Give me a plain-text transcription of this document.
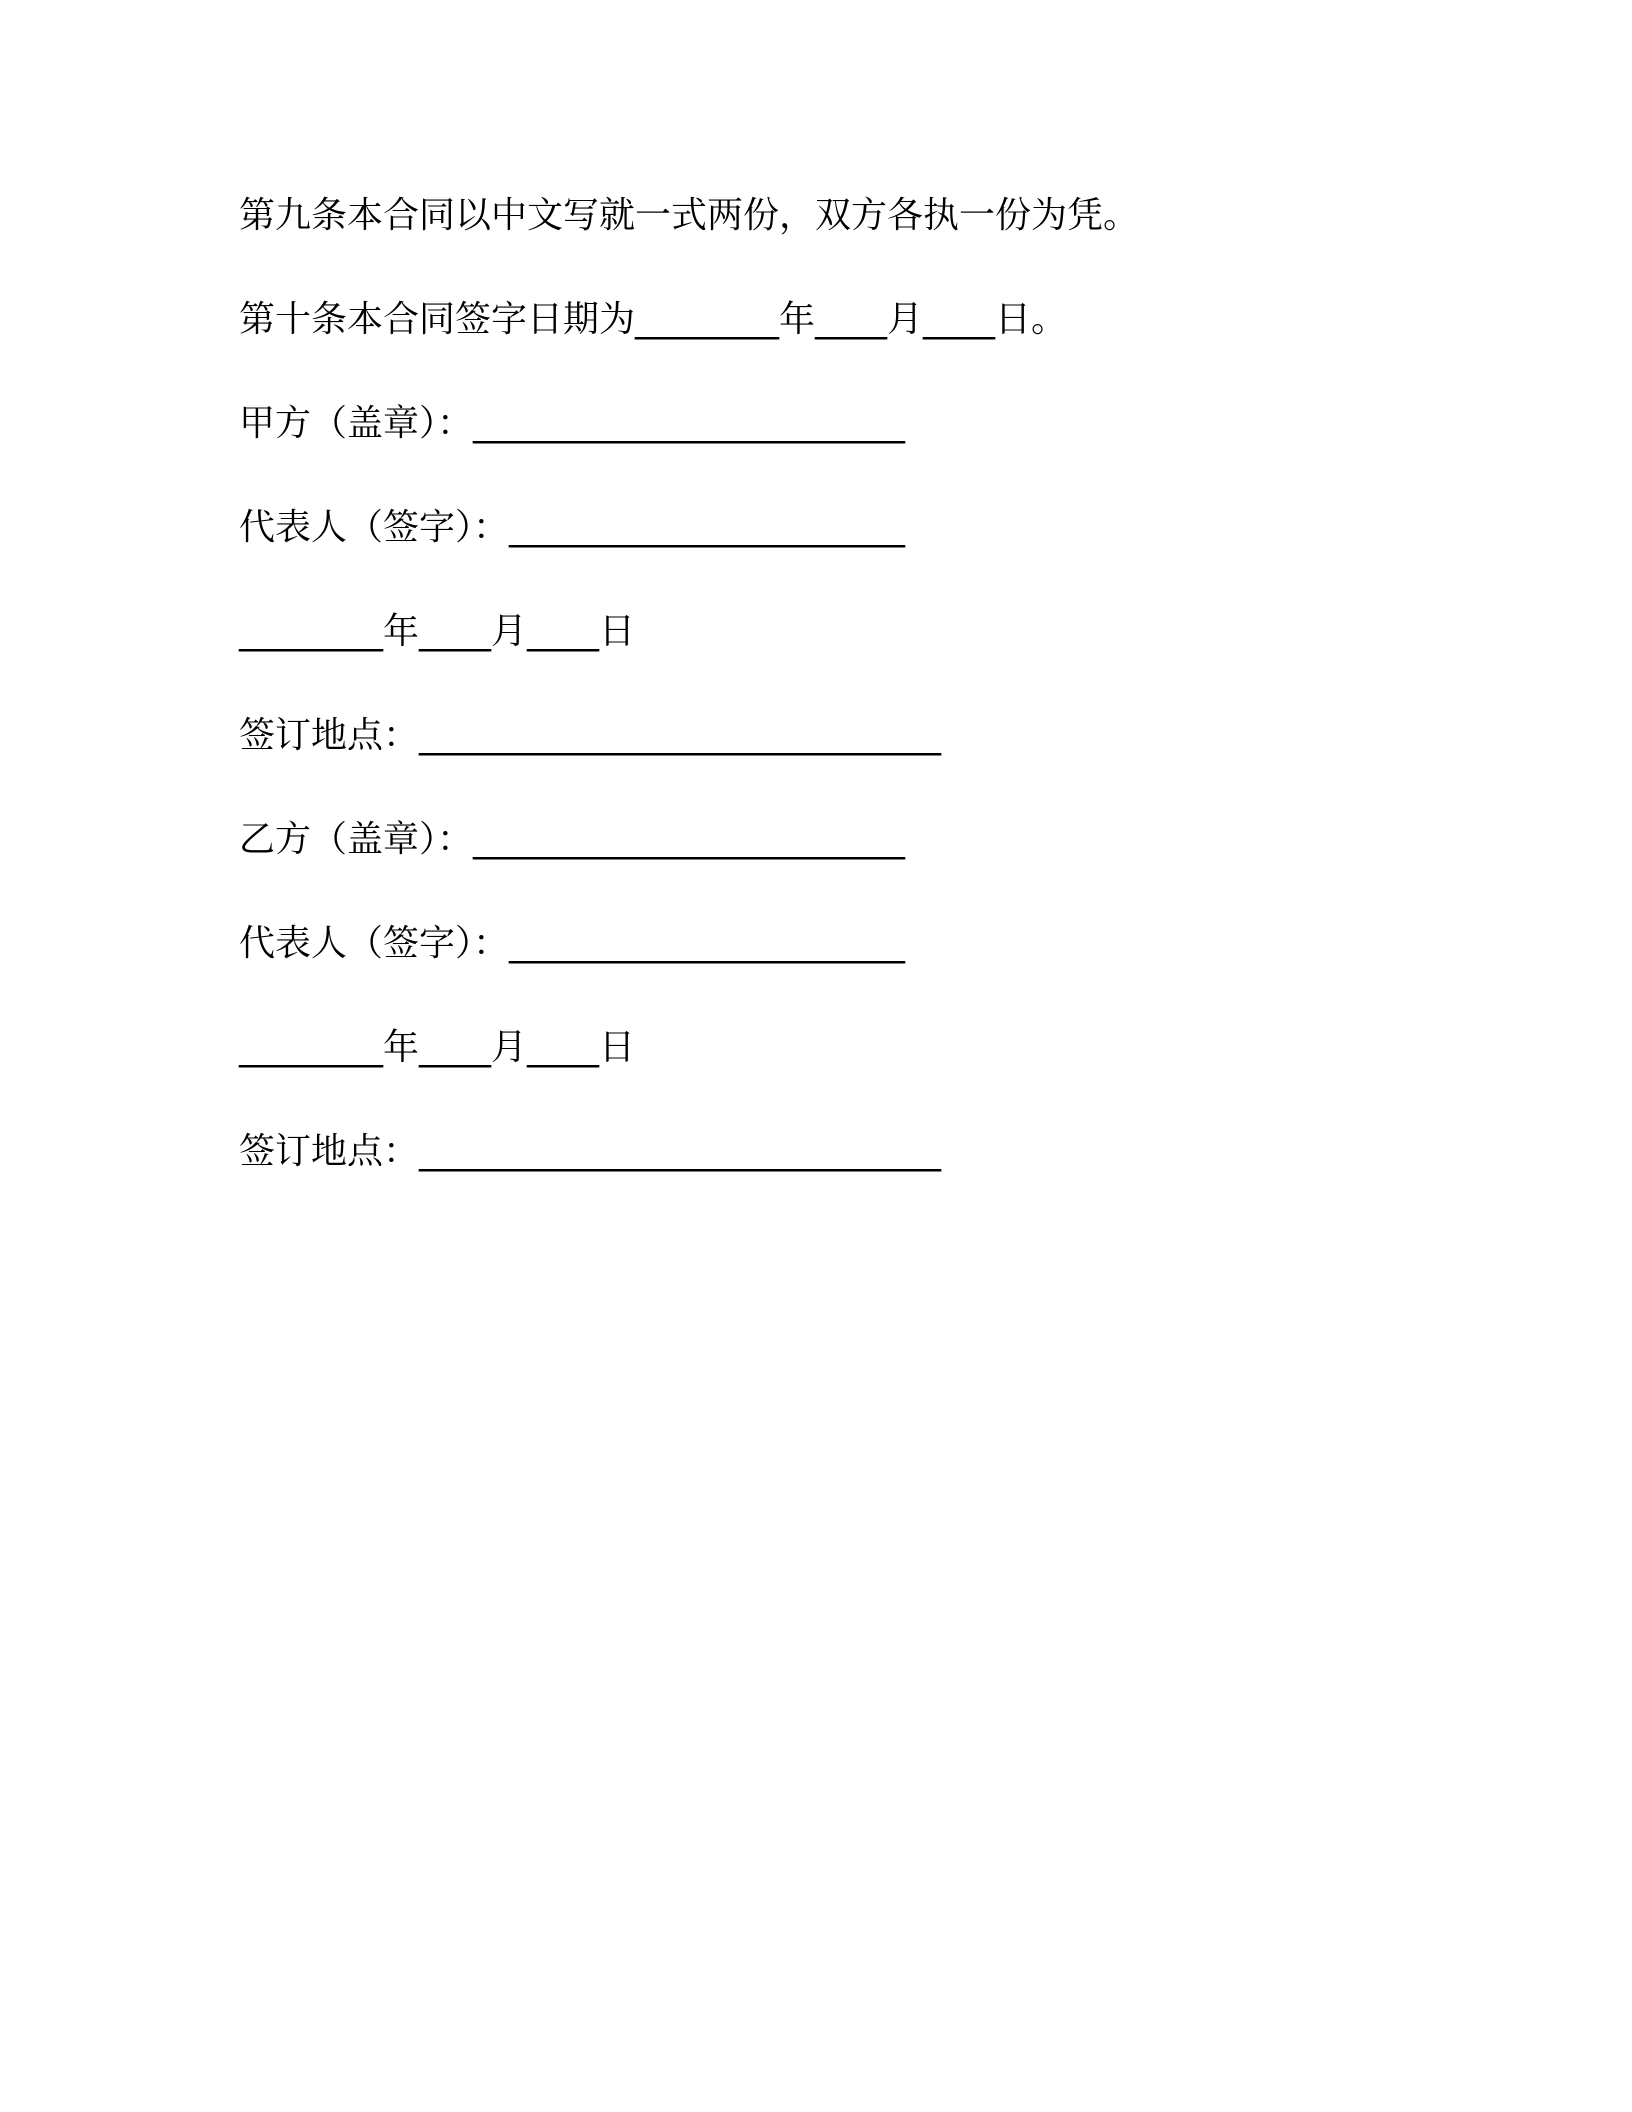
第九条本合同以中文写就一式两份，双方各执一份为凭。
第十条本合同签字日期为________年____月____日。
甲方（盖章）：________________________
代表人（签字）：______________________
________年____月____日
签订地点：_____________________________
乙方（盖章）：________________________
代表人（签字）：______________________
________年____月____日
签订地点：_____________________________
